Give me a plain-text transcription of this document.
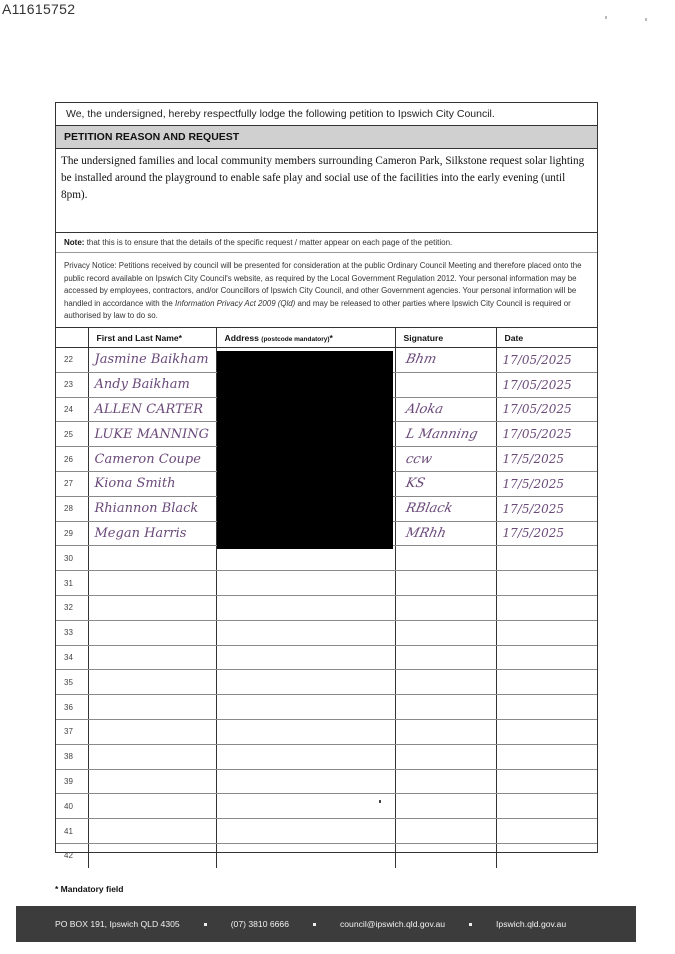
A11615752
We, the undersigned, hereby respectfully lodge the following petition to Ipswich City Council.
PETITION REASON AND REQUEST
The undersigned families and local community members surrounding Cameron Park, Silkstone request solar lighting be installed around the playground to enable safe play and social use of the facilities into the early evening (until 8pm).
Note: that this is to ensure that the details of the specific request / matter appear on each page of the petition.
Privacy Notice: Petitions received by council will be presented for consideration at the public Ordinary Council Meeting and therefore placed onto the public record available on Ipswich City Council's website, as required by the Local Government Regulation 2012. Your personal information may be accessed by employees, contractors, and/or Councillors of Ipswich City Council, and other Government agencies. Your personal information will be handled in accordance with the Information Privacy Act 2009 (Qld) and may be released to other parties where Ipswich City Council is required or authorised by law to do so.
	First and Last Name*	Address (postcode mandatory)*	Signature	Date
22	Jasmine Baikham		Bhm	17/05/2025
23	Andy Baikham			17/05/2025
24	ALLEN CARTER		Aloka	17/05/2025
25	LUKE MANNING		L Manning	17/05/2025
26	Cameron Coupe		ccw	17/5/2025
27	Kiona Smith		KS	17/5/2025
28	Rhiannon Black		RBlack	17/5/2025
29	Megan Harris		MRhh	17/5/2025
30				
31				
32				
33				
34				
35				
36				
37				
38				
39				
40				
41				
42				
* Mandatory field
PO BOX 191, Ipswich QLD 4305	(07) 3810 6666	council@ipswich.qld.gov.au	Ipswich.qld.gov.au
